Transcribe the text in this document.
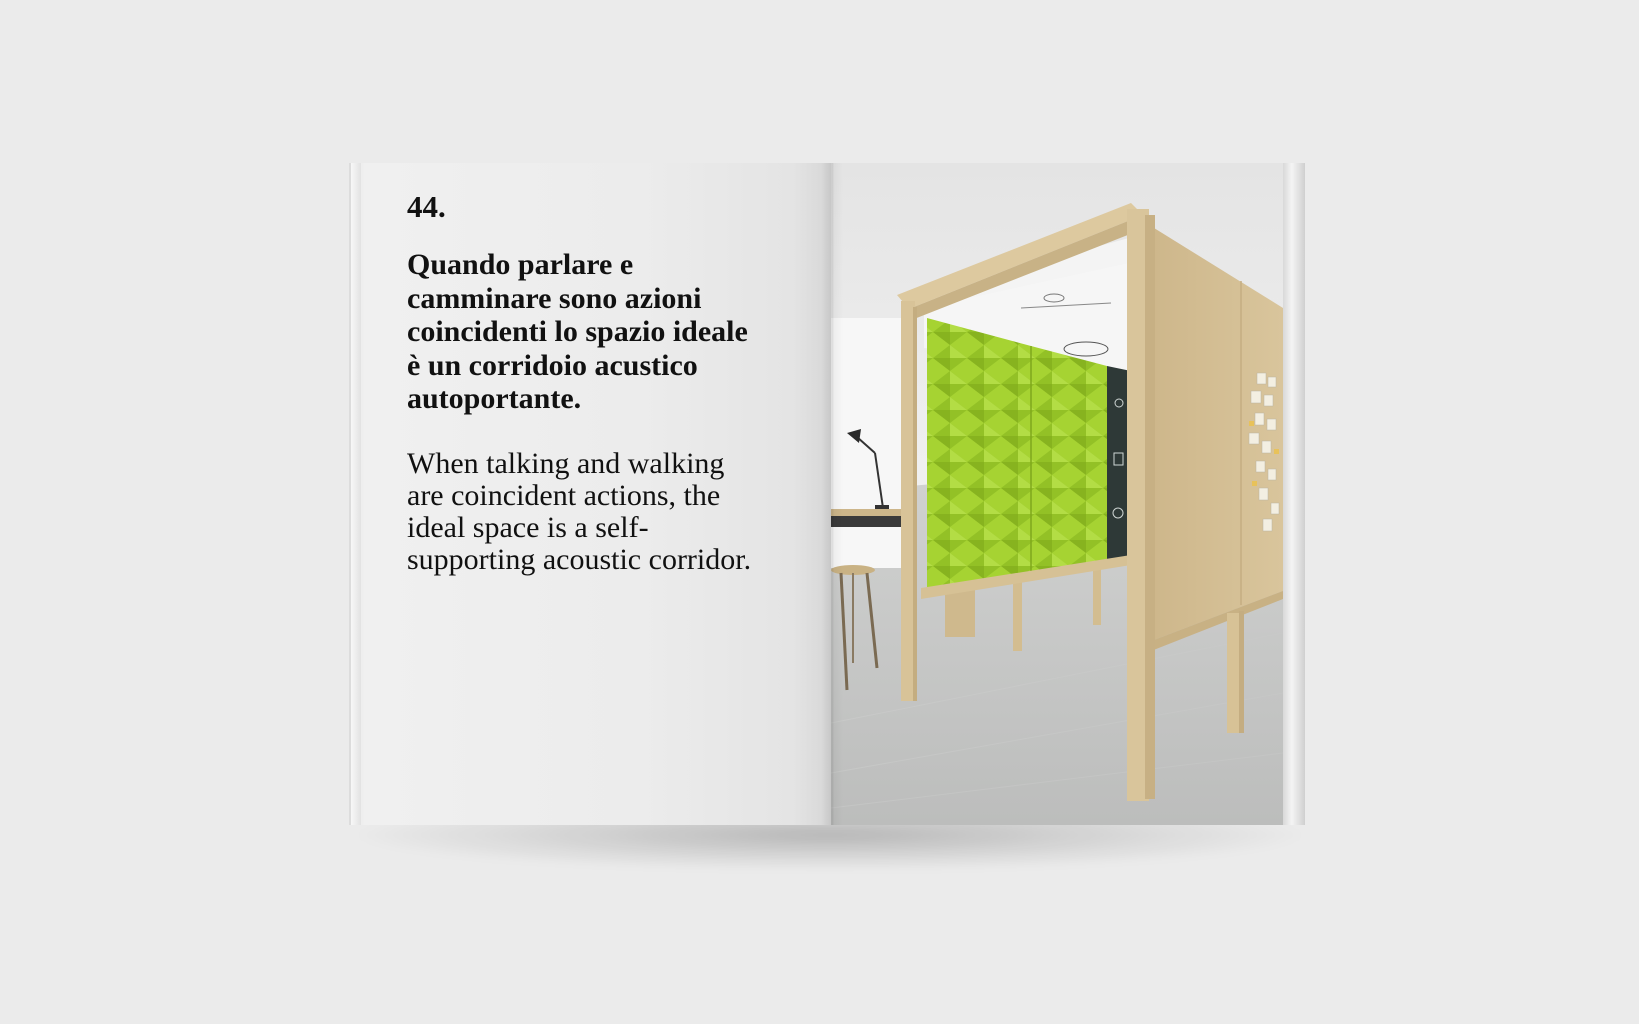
44.

Quando parlare e camminare sono azioni coincidenti lo spazio ideale è un corridoio acustico autoportante.

When talking and walking are coincident actions, the ideal space is a self-supporting acoustic corridor.
